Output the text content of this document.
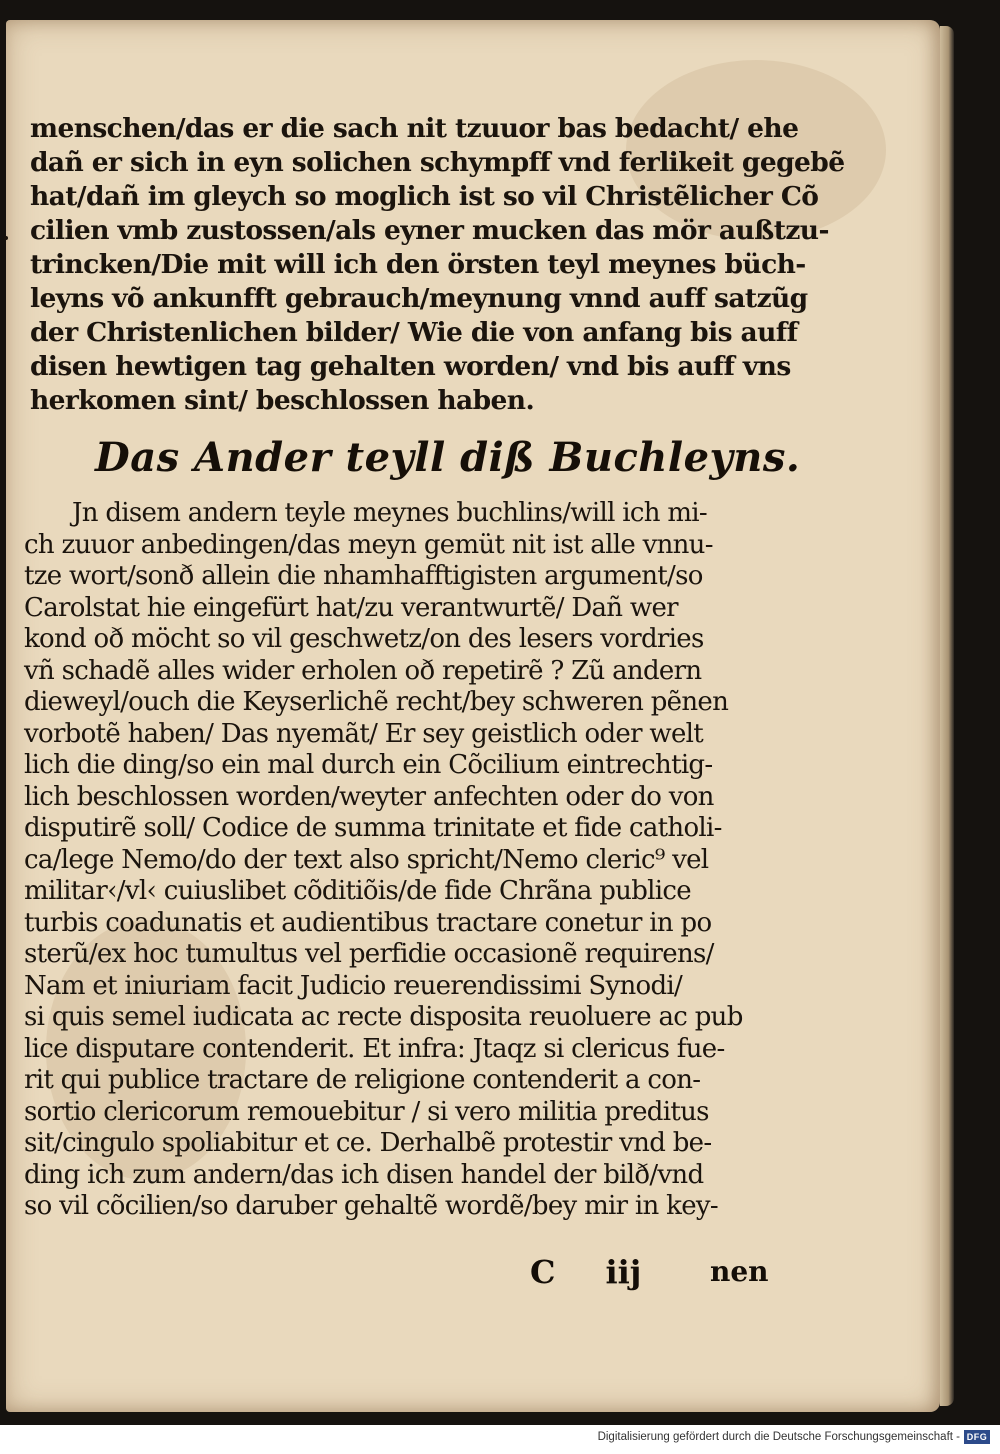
menschen/das er die sach nit tzuuor bas bedacht/ ehe
dañ er sich in eyn solichen schympff vnd ferlikeit gegebẽ
hat/dañ im gleych so moglich ist so vil Christẽlicher Cõ
cilien vmb zustossen/als eyner mucken das mör außtzu-
trincken/Die mit will ich den örsten teyl meynes büch-
leyns võ ankunfft gebrauch/meynung vnnd auff satzũg
der Christenlichen bilder/ Wie die von anfang bis auff
disen hewtigen tag gehalten worden/ vnd bis auff vns
herkomen sint/ beschlossen haben.
Das Ander teyll diß Buchleyns.
Jn disem andern teyle meynes buchlins/will ich mi-
ch zuuor anbedingen/das meyn gemüt nit ist alle vnnu-
tze wort/sonð allein die nhamhafftigisten argument/so
Carolstat hie eingefürt hat/zu verantwurtẽ/ Dañ wer
kond oð möcht so vil geschwetz/on des lesers vordries
vñ schadẽ alles wider erholen oð repetirẽ ? Zũ andern
dieweyl/ouch die Keyserlichẽ recht/bey schweren pẽnen
vorbotẽ haben/ Das nyemãt/ Er sey geistlich oder welt
lich die ding/so ein mal durch ein Cõcilium eintrechtig-
lich beschlossen worden/weyter anfechten oder do von
disputirẽ soll/ Codice de summa trinitate et fide catholi-
ca/lege Nemo/do der text also spricht/Nemo cleric⁹ vel
militar‹/vl‹ cuiuslibet cõditiõis/de fide Chrãna publice
turbis coadunatis et audientibus tractare conetur in po
sterũ/ex hoc tumultus vel perfidie occasionẽ requirens/
Nam et iniuriam facit Judicio reuerendissimi Synodi/
si quis semel iudicata ac recte disposita reuoluere ac pub
lice disputare contenderit. Et infra: Jtaqz si clericus fue-
rit qui publice tractare de religione contenderit a con-
sortio clericorum remouebitur / si vero militia preditus
sit/cingulo spoliabitur et ce. Derhalbẽ protestir vnd be-
ding ich zum andern/das ich disen handel der bilð/vnd
so vil cõcilien/so daruber gehaltẽ wordẽ/bey mir in key-
C iij	nen
Digitalisierung gefördert durch die Deutsche Forschungsgemeinschaft - DFG
